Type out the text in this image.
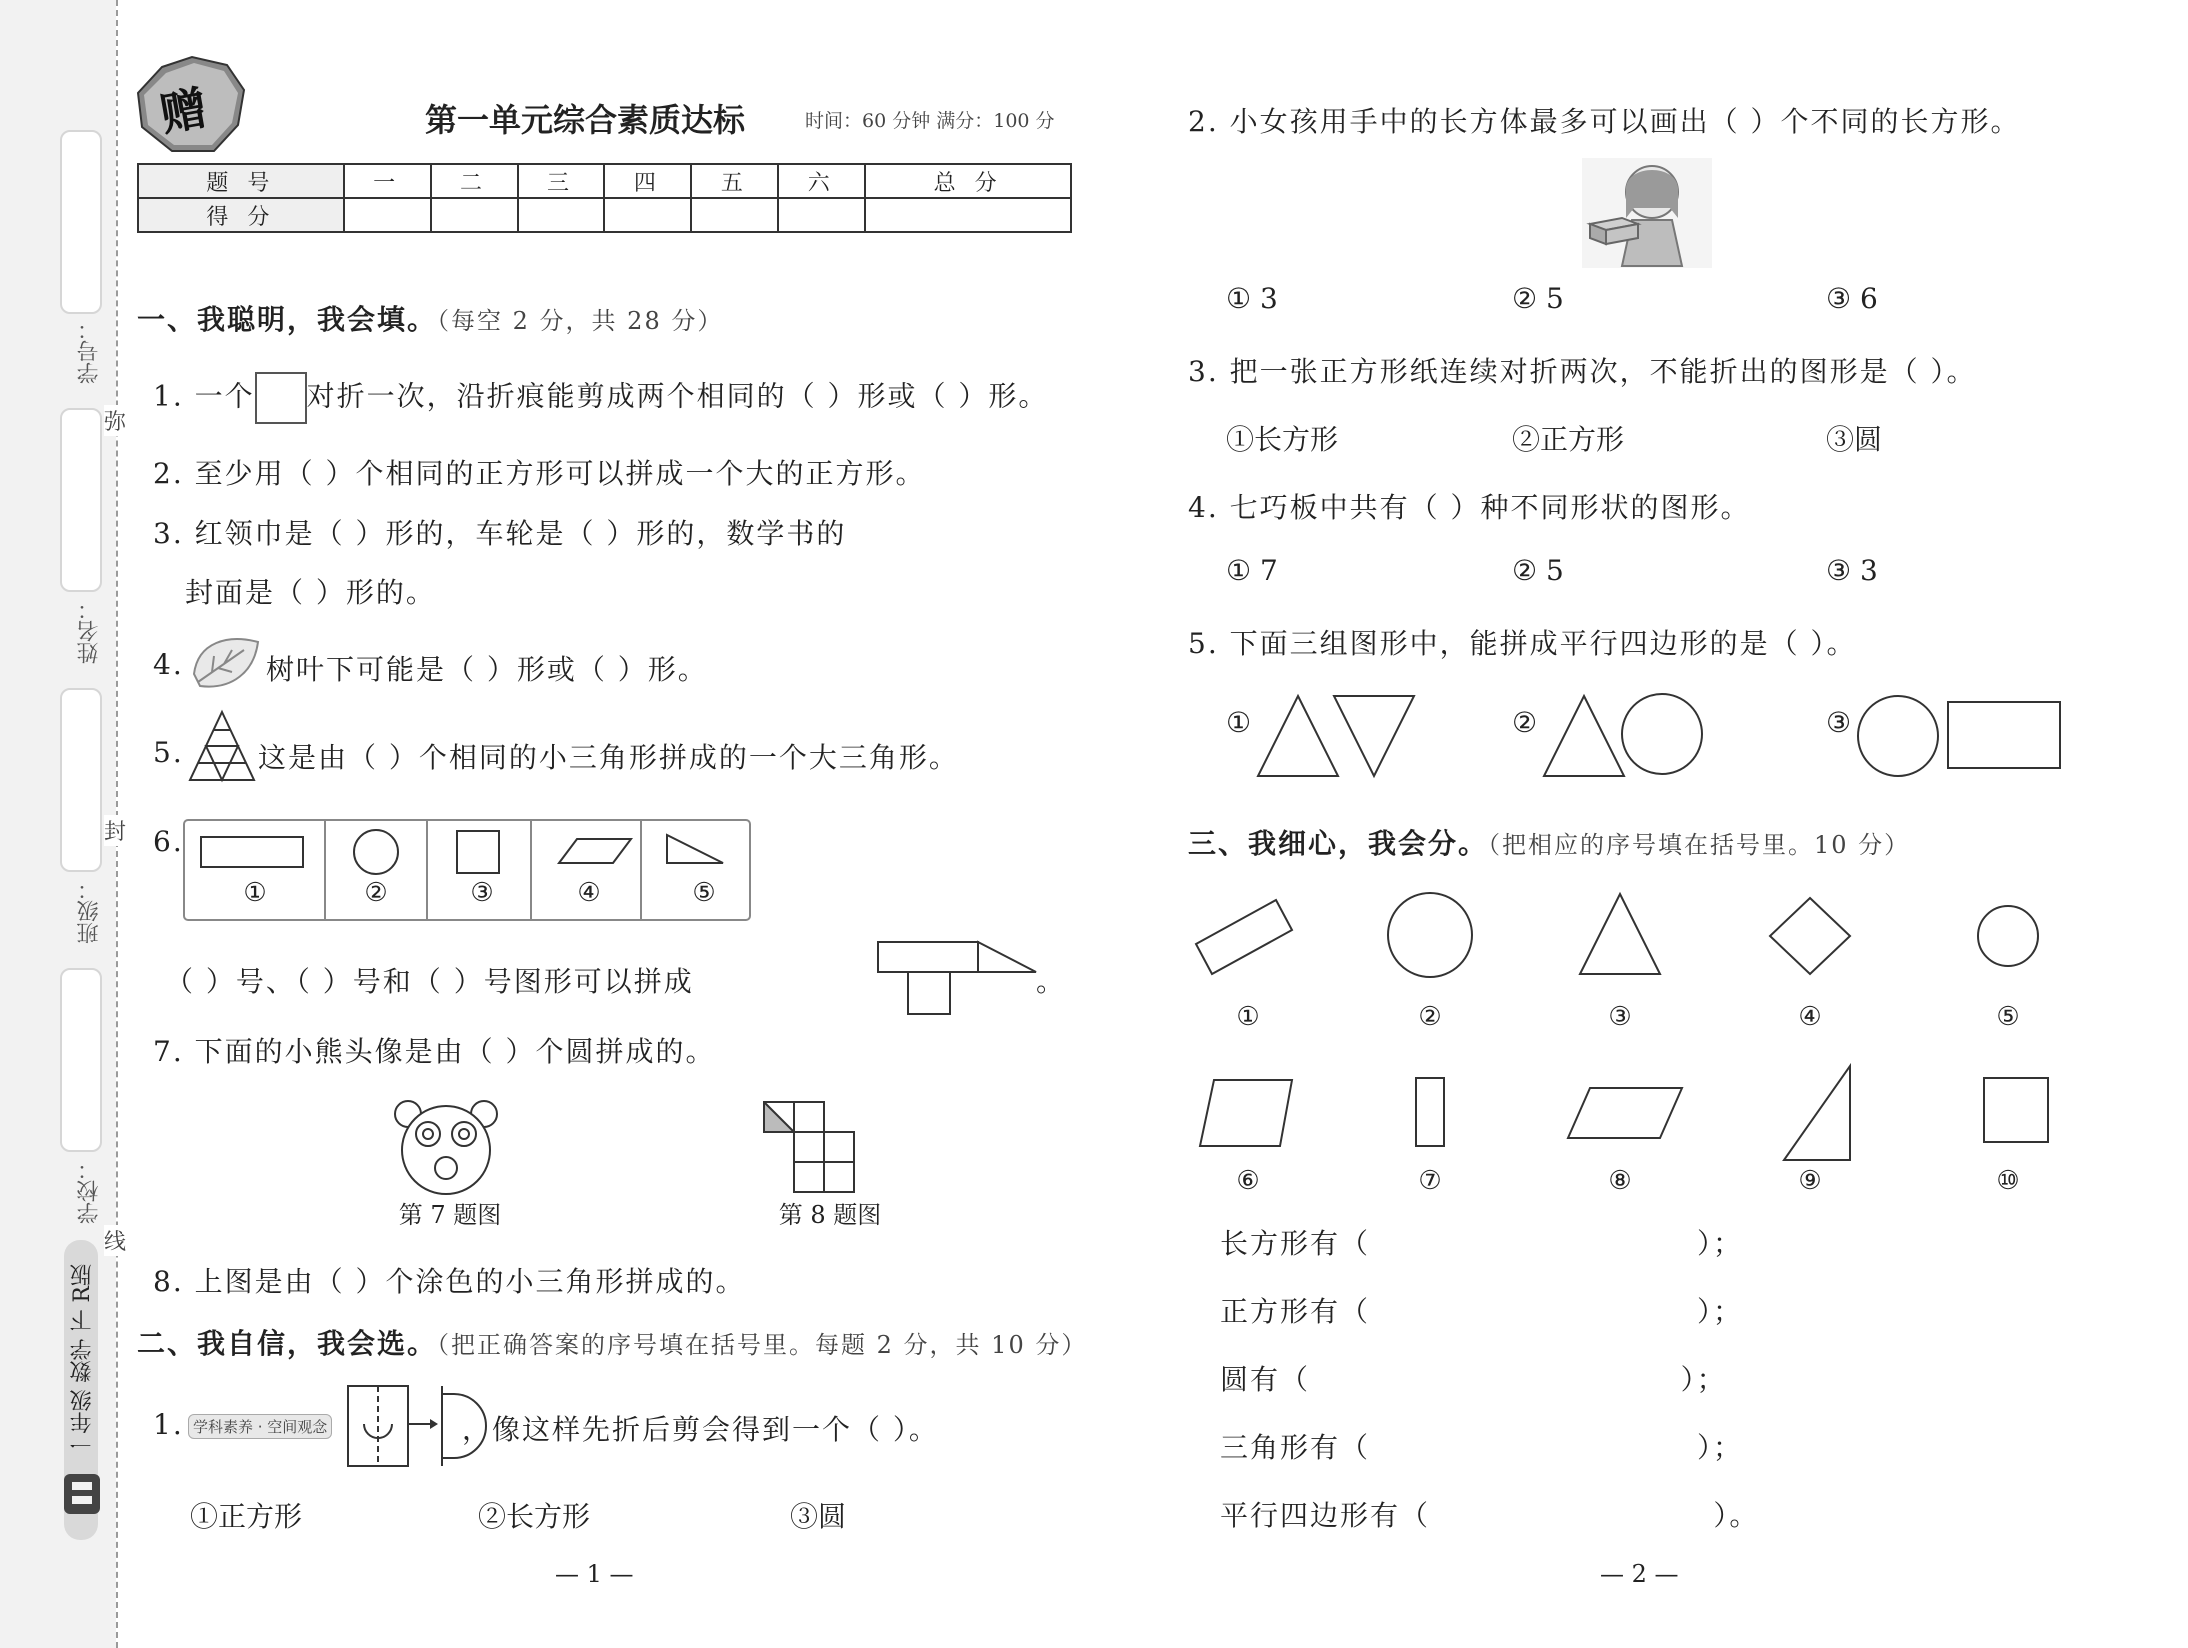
学号：
姓名：
班级：
学校：
一年级 数学 下 R版
弥
封
线
赠	第一单元综合素质达标	时间：60 分钟 满分：100 分
题 号	一	二	三	四	五	六	总 分
得 分							
一、我聪明，我会填。（每空 2 分，共 28 分）
1. 一个 对折一次，沿折痕能剪成两个相同的（ ）形或（ ）形。
2. 至少用（ ）个相同的正方形可以拼成一个大的正方形。
3. 红领巾是（ ）形的，车轮是（ ）形的，数学书的
封面是（ ）形的。
4.	树叶下可能是（ ）形或（ ）形。
5.	这是由（ ）个相同的小三角形拼成的一个大三角形。
6.
①	②	③	④	⑤
（ ）号、（ ）号和（ ）号图形可以拼成	。
7. 下面的小熊头像是由（ ）个圆拼成的。
第 7 题图	第 8 题图
8. 上图是由（ ）个涂色的小三角形拼成的。
二、我自信，我会选。（把正确答案的序号填在括号里。每题 2 分，共 10 分）
1. 学科素养 · 空间观念	，像这样先折后剪会得到一个（ ）。
①正方形	②长方形	③圆
— 1 —
2. 小女孩用手中的长方体最多可以画出（ ）个不同的长方形。
① 3	② 5	③ 6
3. 把一张正方形纸连续对折两次，不能折出的图形是（ ）。
①长方形	②正方形	③圆
4. 七巧板中共有（ ）种不同形状的图形。
① 7	② 5	③ 3
5. 下面三组图形中，能拼成平行四边形的是（ ）。
①	②	③
三、我细心，我会分。（把相应的序号填在括号里。10 分）
①	②	③	④	⑤
⑥	⑦	⑧	⑨	⑩
长方形有（                              ）；
正方形有（                              ）；
圆有（                                  ）；
三角形有（                              ）；
平行四边形有（                          ）。
— 2 —
